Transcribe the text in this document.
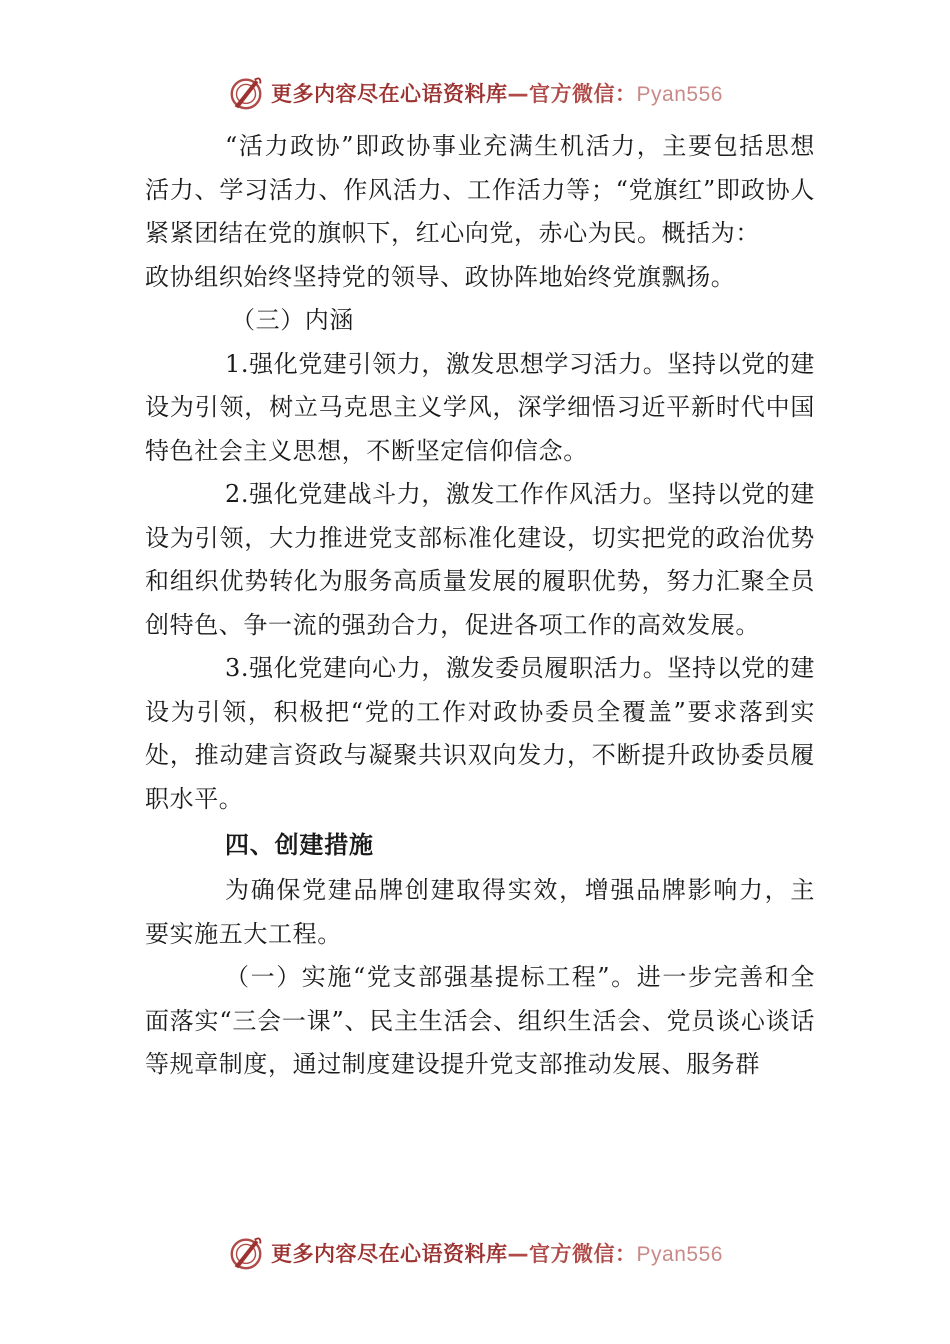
更多内容尽在心语资料库—官方微信：Pyan556

“活力政协”即政协事业充满生机活力，主要包括思想活力、学习活力、作风活力、工作活力等；“党旗红”即政协人紧紧团结在党的旗帜下，红心向党，赤心为民。概括为：

政协组织始终坚持党的领导、政协阵地始终党旗飘扬。

（三）内涵

1.强化党建引领力，激发思想学习活力。坚持以党的建设为引领，树立马克思主义学风，深学细悟习近平新时代中国特色社会主义思想，不断坚定信仰信念。

2.强化党建战斗力，激发工作作风活力。坚持以党的建设为引领，大力推进党支部标准化建设，切实把党的政治优势和组织优势转化为服务高质量发展的履职优势，努力汇聚全员创特色、争一流的强劲合力，促进各项工作的高效发展。

3.强化党建向心力，激发委员履职活力。坚持以党的建设为引领，积极把“党的工作对政协委员全覆盖”要求落到实处，推动建言资政与凝聚共识双向发力，不断提升政协委员履职水平。

四、创建措施

为确保党建品牌创建取得实效，增强品牌影响力，主要实施五大工程。

（一）实施“党支部强基提标工程”。进一步完善和全面落实“三会一课”、民主生活会、组织生活会、党员谈心谈话等规章制度，通过制度建设提升党支部推动发展、服务群

更多内容尽在心语资料库—官方微信：Pyan556
